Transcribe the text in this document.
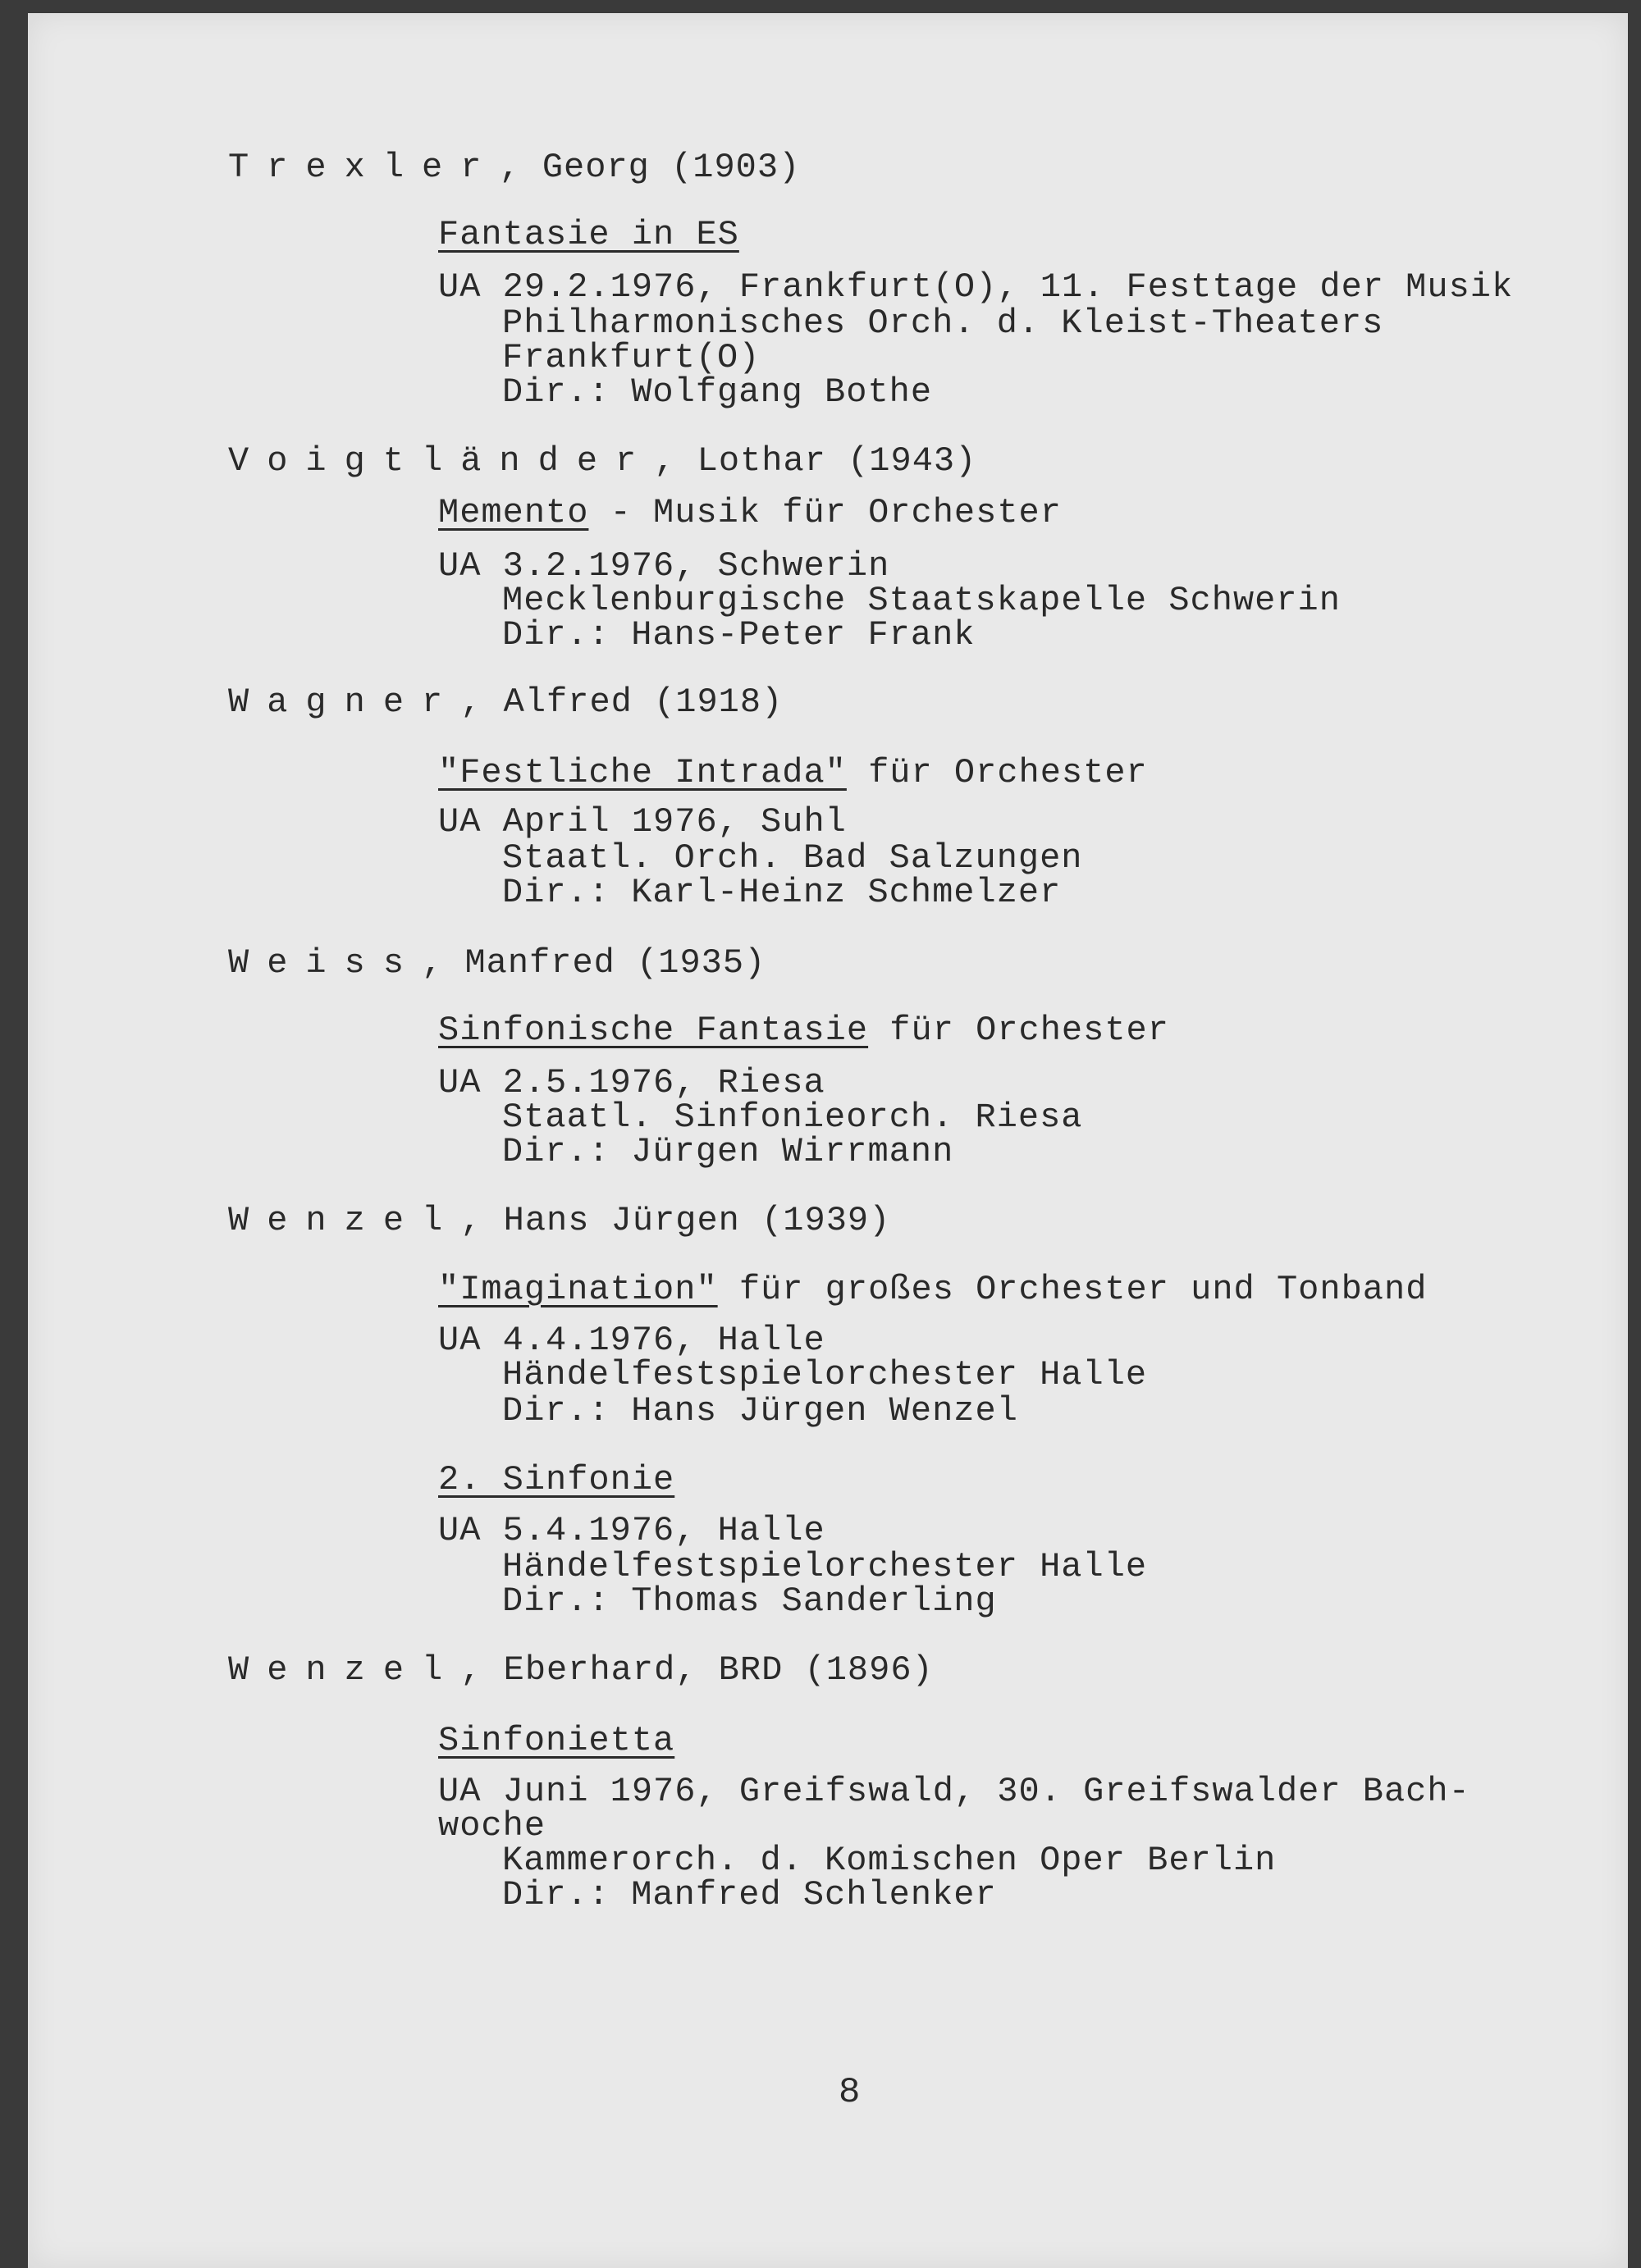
Trexler, Georg (1903)
Fantasie in ES
UA 29.2.1976, Frankfurt(O), 11. Festtage der Musik
Philharmonisches Orch. d. Kleist-Theaters
Frankfurt(O)
Dir.: Wolfgang Bothe
Voigtländer, Lothar (1943)
Memento - Musik für Orchester
UA 3.2.1976, Schwerin
Mecklenburgische Staatskapelle Schwerin
Dir.: Hans-Peter Frank
Wagner, Alfred (1918)
"Festliche Intrada" für Orchester
UA April 1976, Suhl
Staatl. Orch. Bad Salzungen
Dir.: Karl-Heinz Schmelzer
Weiss, Manfred (1935)
Sinfonische Fantasie für Orchester
UA 2.5.1976, Riesa
Staatl. Sinfonieorch. Riesa
Dir.: Jürgen Wirrmann
Wenzel, Hans Jürgen (1939)
"Imagination" für großes Orchester und Tonband
UA 4.4.1976, Halle
Händelfestspielorchester Halle
Dir.: Hans Jürgen Wenzel
2. Sinfonie
UA 5.4.1976, Halle
Händelfestspielorchester Halle
Dir.: Thomas Sanderling
Wenzel, Eberhard, BRD (1896)
Sinfonietta
UA Juni 1976, Greifswald, 30. Greifswalder Bach-
woche
Kammerorch. d. Komischen Oper Berlin
Dir.: Manfred Schlenker
8
